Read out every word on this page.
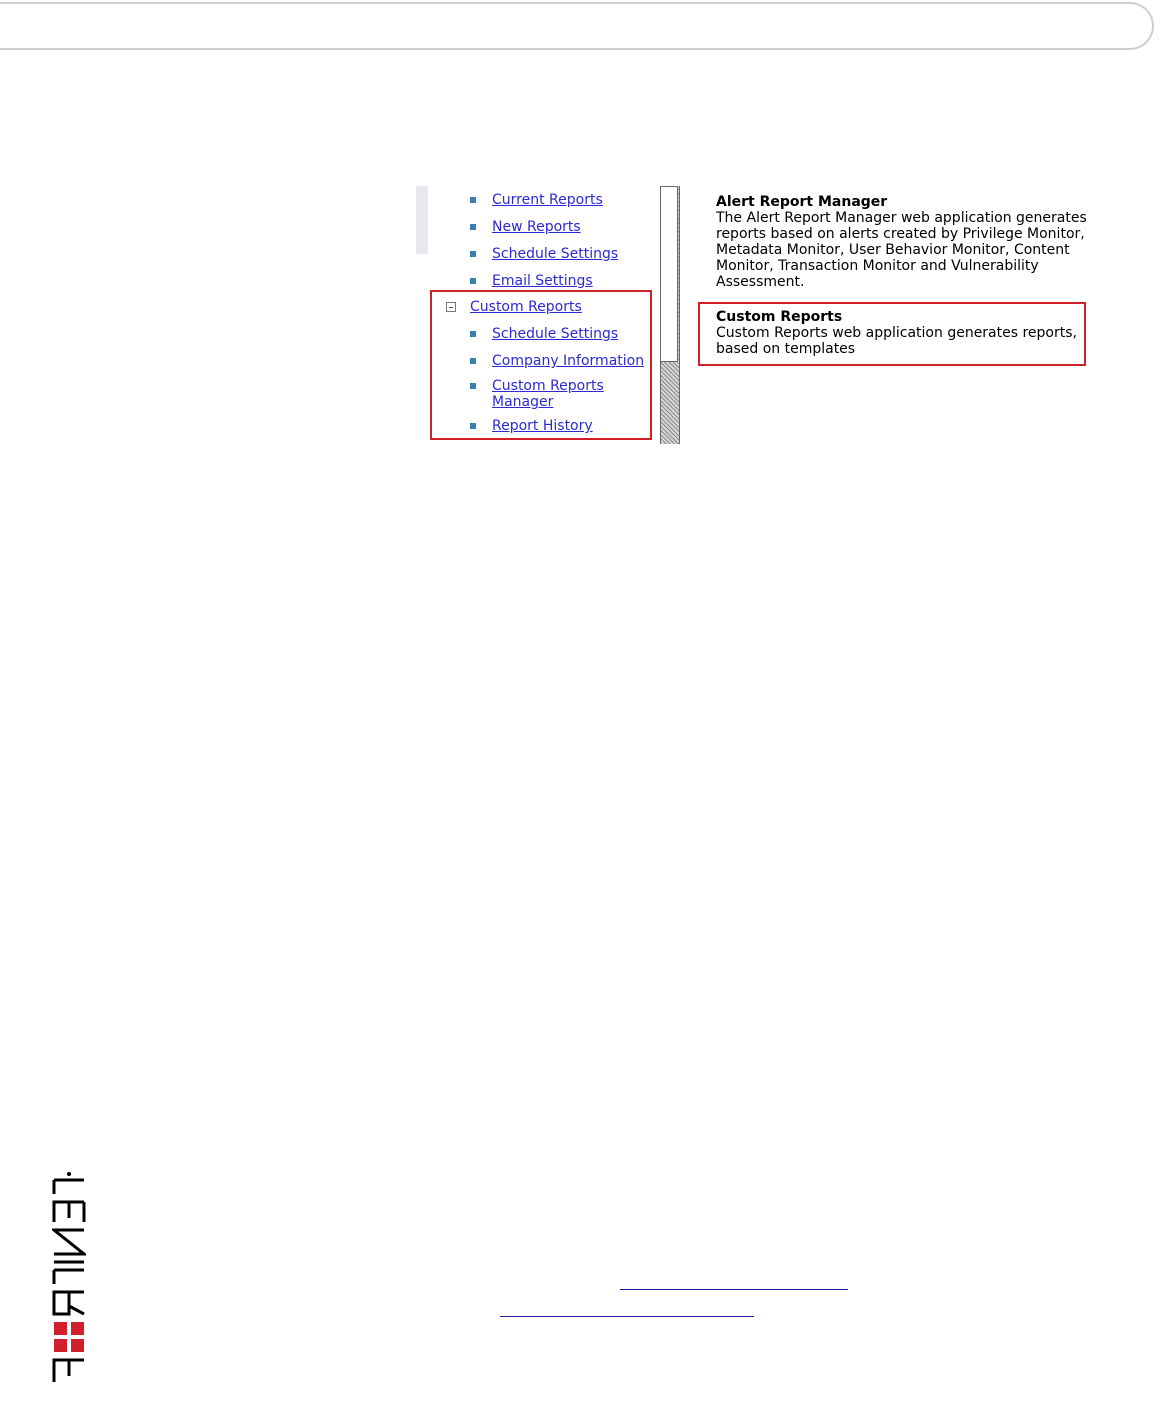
Current Reports
New Reports
Schedule Settings
Email Settings
Custom Reports
Schedule Settings
Company Information
Custom Reports Manager
Report History
Alert Report Manager
The Alert Report Manager web application generates reports based on alerts created by Privilege Monitor, Metadata Monitor, User Behavior Monitor, Content Monitor, Transaction Monitor and Vulnerability Assessment.
Custom Reports
Custom Reports web application generates reports, based on templates
